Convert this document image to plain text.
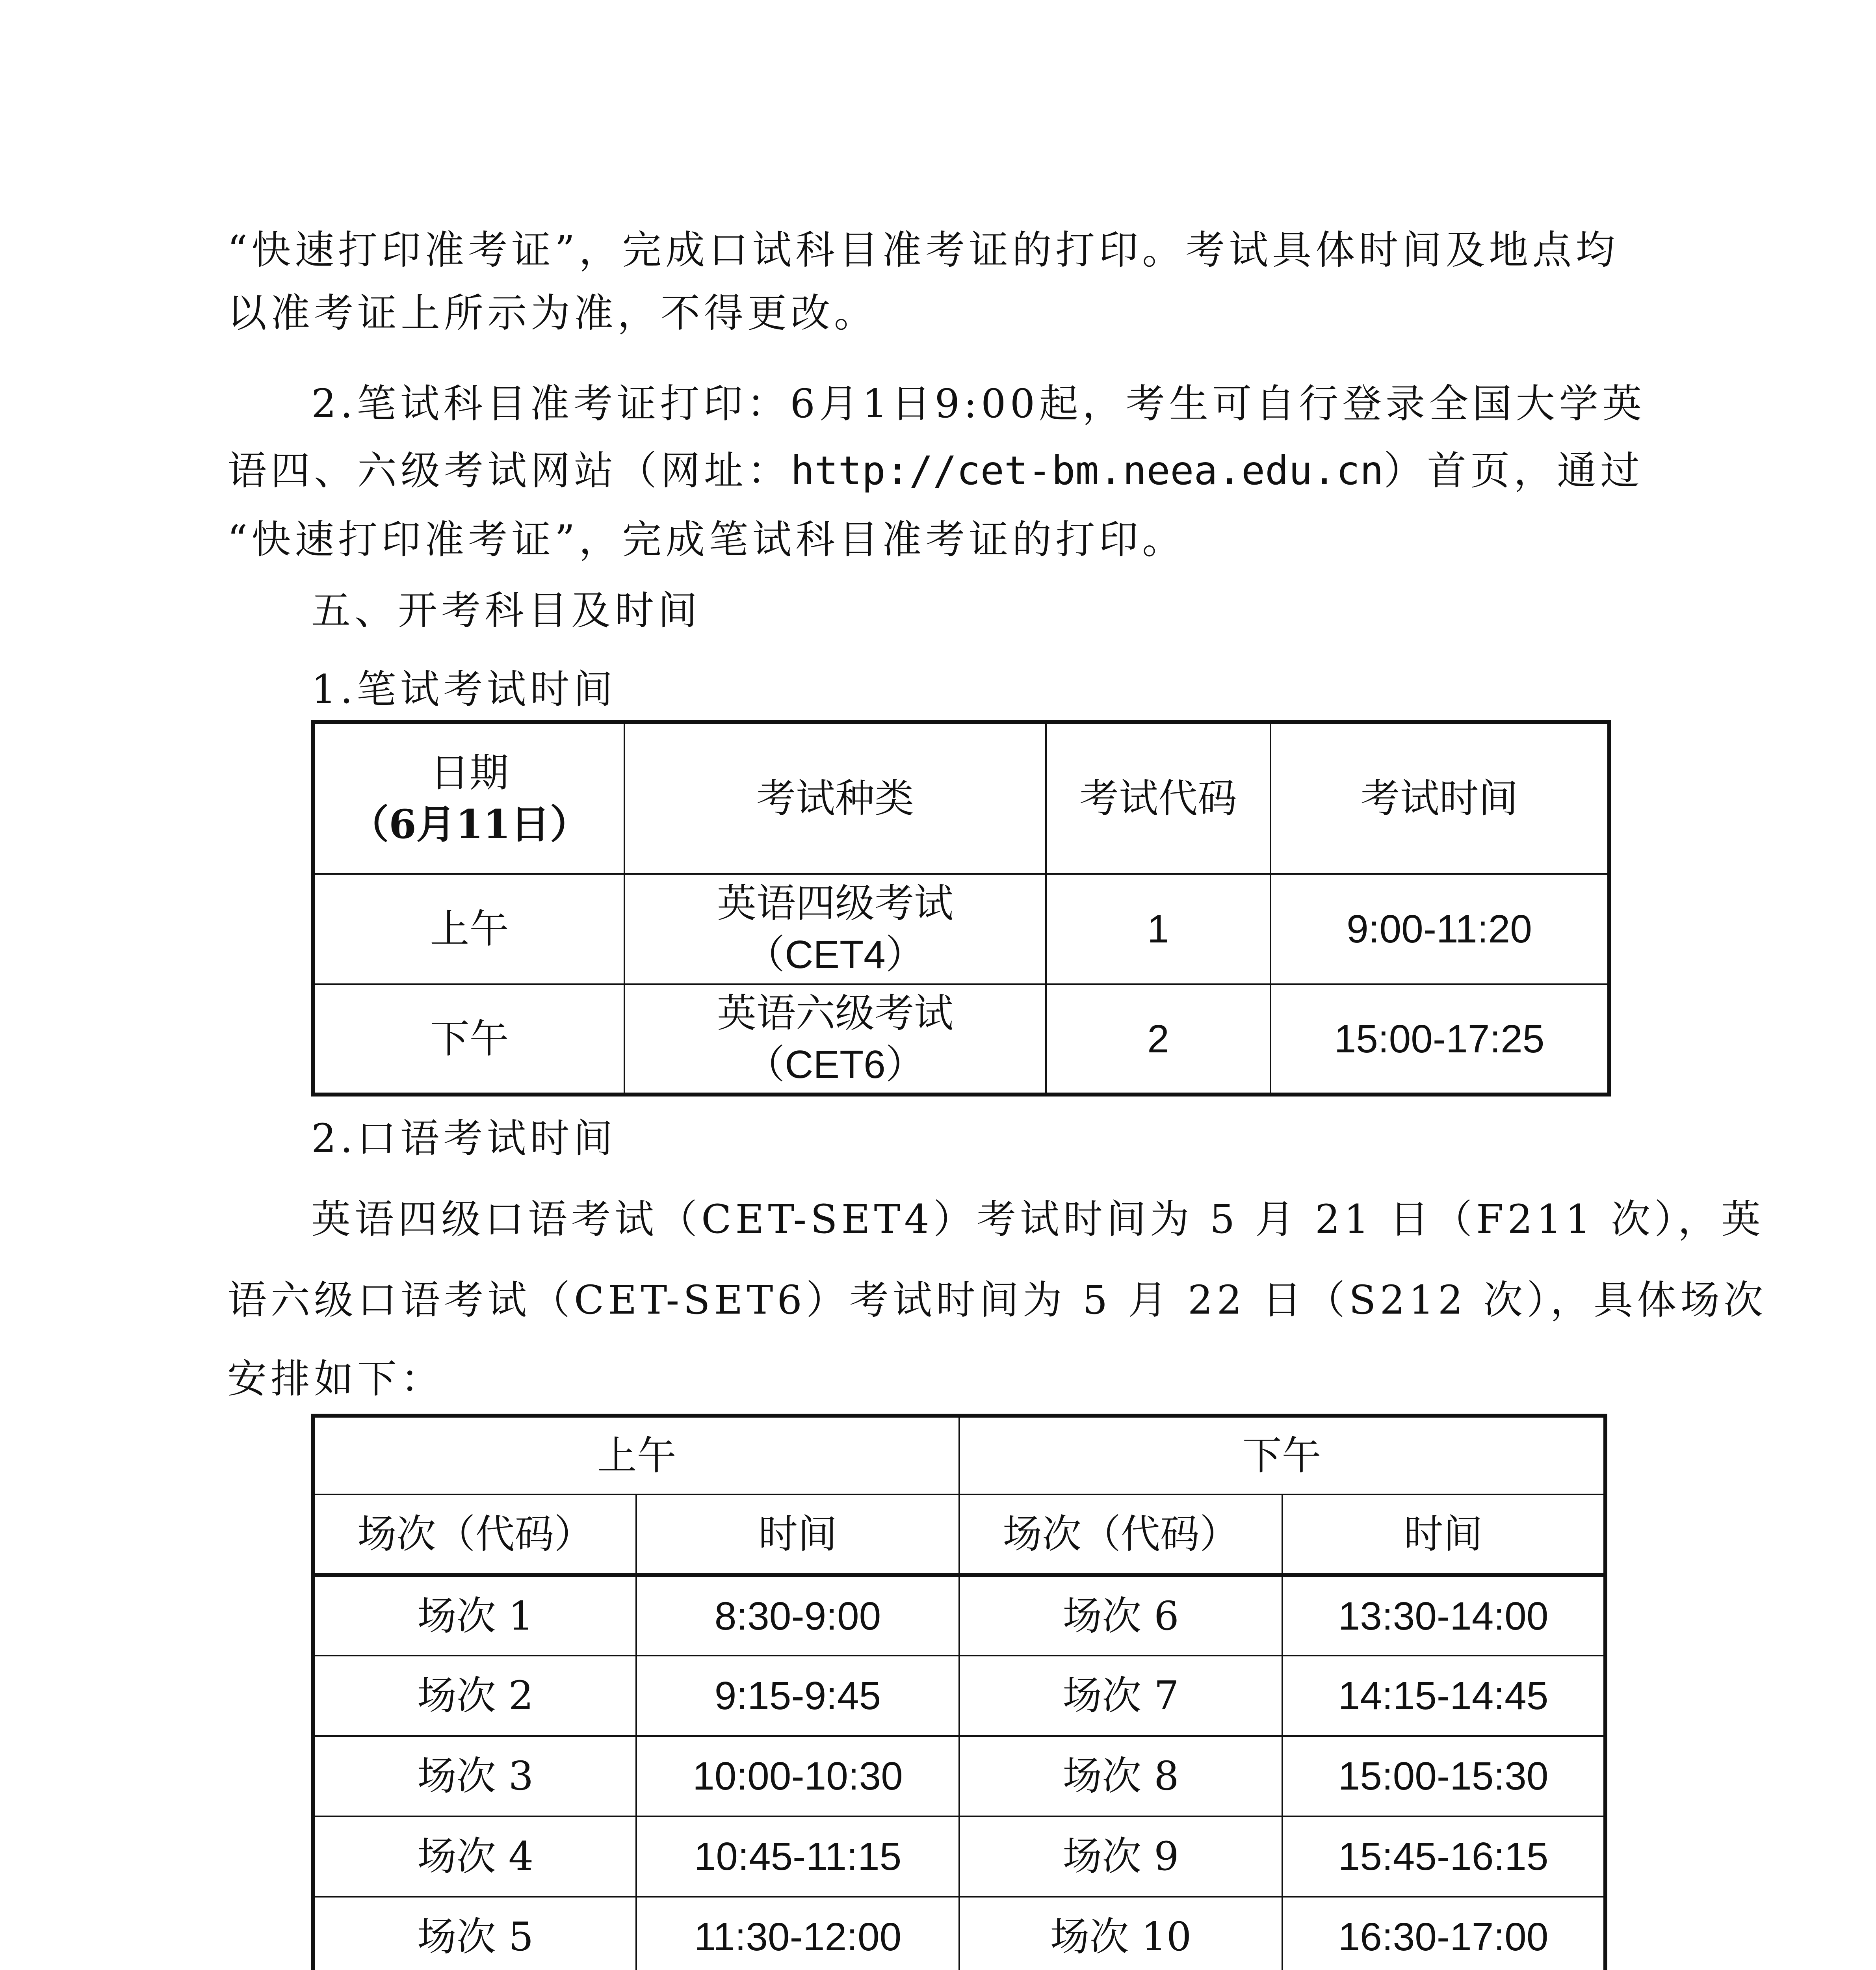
“快速打印准考证”，完成口试科目准考证的打印。考试具体时间及地点均
以准考证上所示为准，不得更改。
2.笔试科目准考证打印：6月1日9:00起，考生可自行登录全国大学英
语四、六级考试网站（网址：http://cet-bm.neea.edu.cn）首页，通过
“快速打印准考证”，完成笔试科目准考证的打印。
五、开考科目及时间
1.笔试考试时间
日期
（6月11日）	考试种类	考试代码	考试时间
上午	英语四级考试
（CET4）	1	9:00-11:20
下午	英语六级考试
（CET6）	2	15:00-17:25
2.口语考试时间
英语四级口语考试（CET-SET4）考试时间为 5 月 21 日（F211 次），英
语六级口语考试（CET-SET6）考试时间为 5 月 22 日（S212 次），具体场次
安排如下：
上午		下午	
场次（代码）	时间	场次（代码）	时间
场次 1	8:30-9:00	场次 6	13:30-14:00
场次 2	9:15-9:45	场次 7	14:15-14:45
场次 3	10:00-10:30	场次 8	15:00-15:30
场次 4	10:45-11:15	场次 9	15:45-16:15
场次 5	11:30-12:00	场次 10	16:30-17:00
